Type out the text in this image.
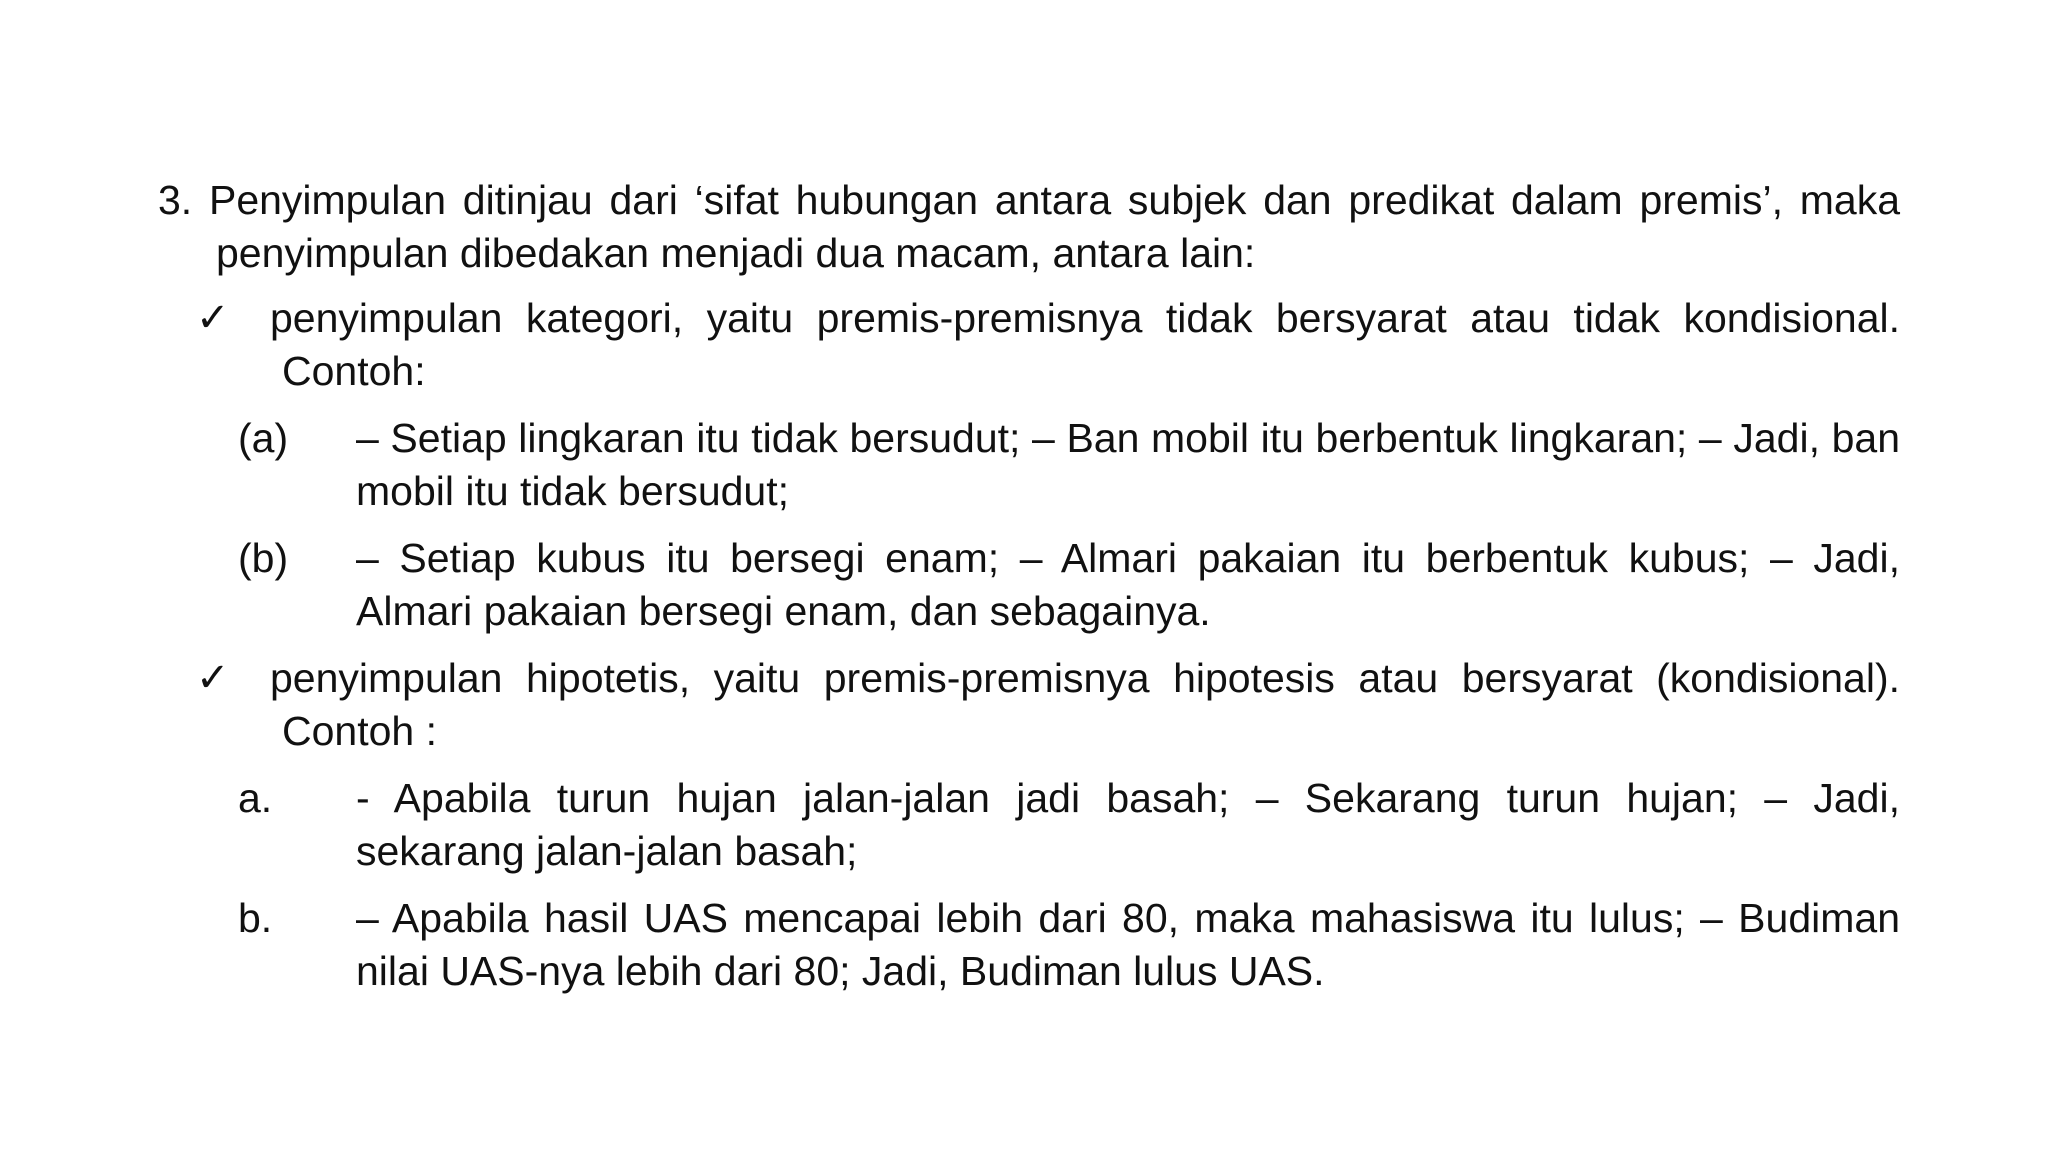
3. Penyimpulan ditinjau dari ‘sifat hubungan antara subjek dan predikat dalam premis’, maka penyimpulan dibedakan menjadi dua macam, antara lain:
✓ penyimpulan kategori, yaitu premis-premisnya tidak bersyarat atau tidak kondisional. Contoh:
(a) – Setiap lingkaran itu tidak bersudut; – Ban mobil itu berbentuk lingkaran; – Jadi, ban mobil itu tidak bersudut;
(b) – Setiap kubus itu bersegi enam; – Almari pakaian itu berbentuk kubus; – Jadi, Almari pakaian bersegi enam, dan sebagainya.
✓ penyimpulan hipotetis, yaitu premis-premisnya hipotesis atau bersyarat (kondisional). Contoh :
a. - Apabila turun hujan jalan-jalan jadi basah; – Sekarang turun hujan; – Jadi, sekarang jalan-jalan basah;
b. – Apabila hasil UAS mencapai lebih dari 80, maka mahasiswa itu lulus; – Budiman nilai UAS-nya lebih dari 80; Jadi, Budiman lulus UAS.
